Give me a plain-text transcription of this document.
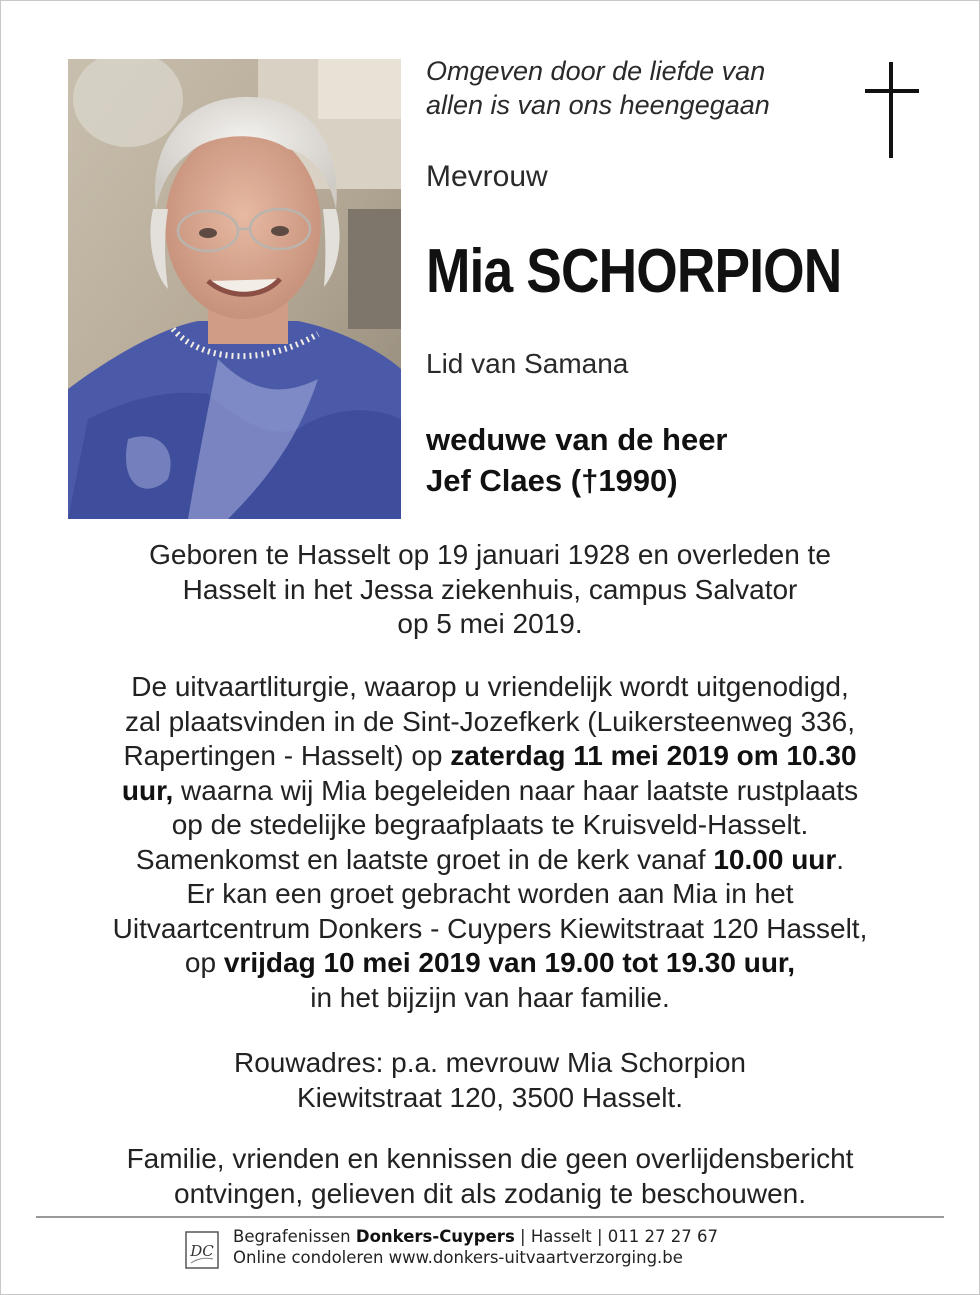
Omgeven door de liefde van
allen is van ons heengegaan
Mevrouw
Mia SCHORPION
Lid van Samana
weduwe van de heer
Jef Claes (†1990)
Geboren te Hasselt op 19 januari 1928 en overleden te
Hasselt in het Jessa ziekenhuis, campus Salvator
op 5 mei 2019.
De uitvaartliturgie, waarop u vriendelijk wordt uitgenodigd,
zal plaatsvinden in de Sint-Jozefkerk (Luikersteenweg 336,
Rapertingen - Hasselt) op zaterdag 11 mei 2019 om 10.30
uur, waarna wij Mia begeleiden naar haar laatste rustplaats
op de stedelijke begraafplaats te Kruisveld-Hasselt.
Samenkomst en laatste groet in de kerk vanaf 10.00 uur.
Er kan een groet gebracht worden aan Mia in het
Uitvaartcentrum Donkers - Cuypers Kiewitstraat 120 Hasselt,
op vrijdag 10 mei 2019 van 19.00 tot 19.30 uur,
in het bijzijn van haar familie.
Rouwadres: p.a. mevrouw Mia Schorpion
Kiewitstraat 120, 3500 Hasselt.
Familie, vrienden en kennissen die geen overlijdensbericht
ontvingen, gelieven dit als zodanig te beschouwen.
DC
Begrafenissen Donkers-Cuypers | Hasselt | 011 27 27 67
Online condoleren www.donkers-uitvaartverzorging.be
